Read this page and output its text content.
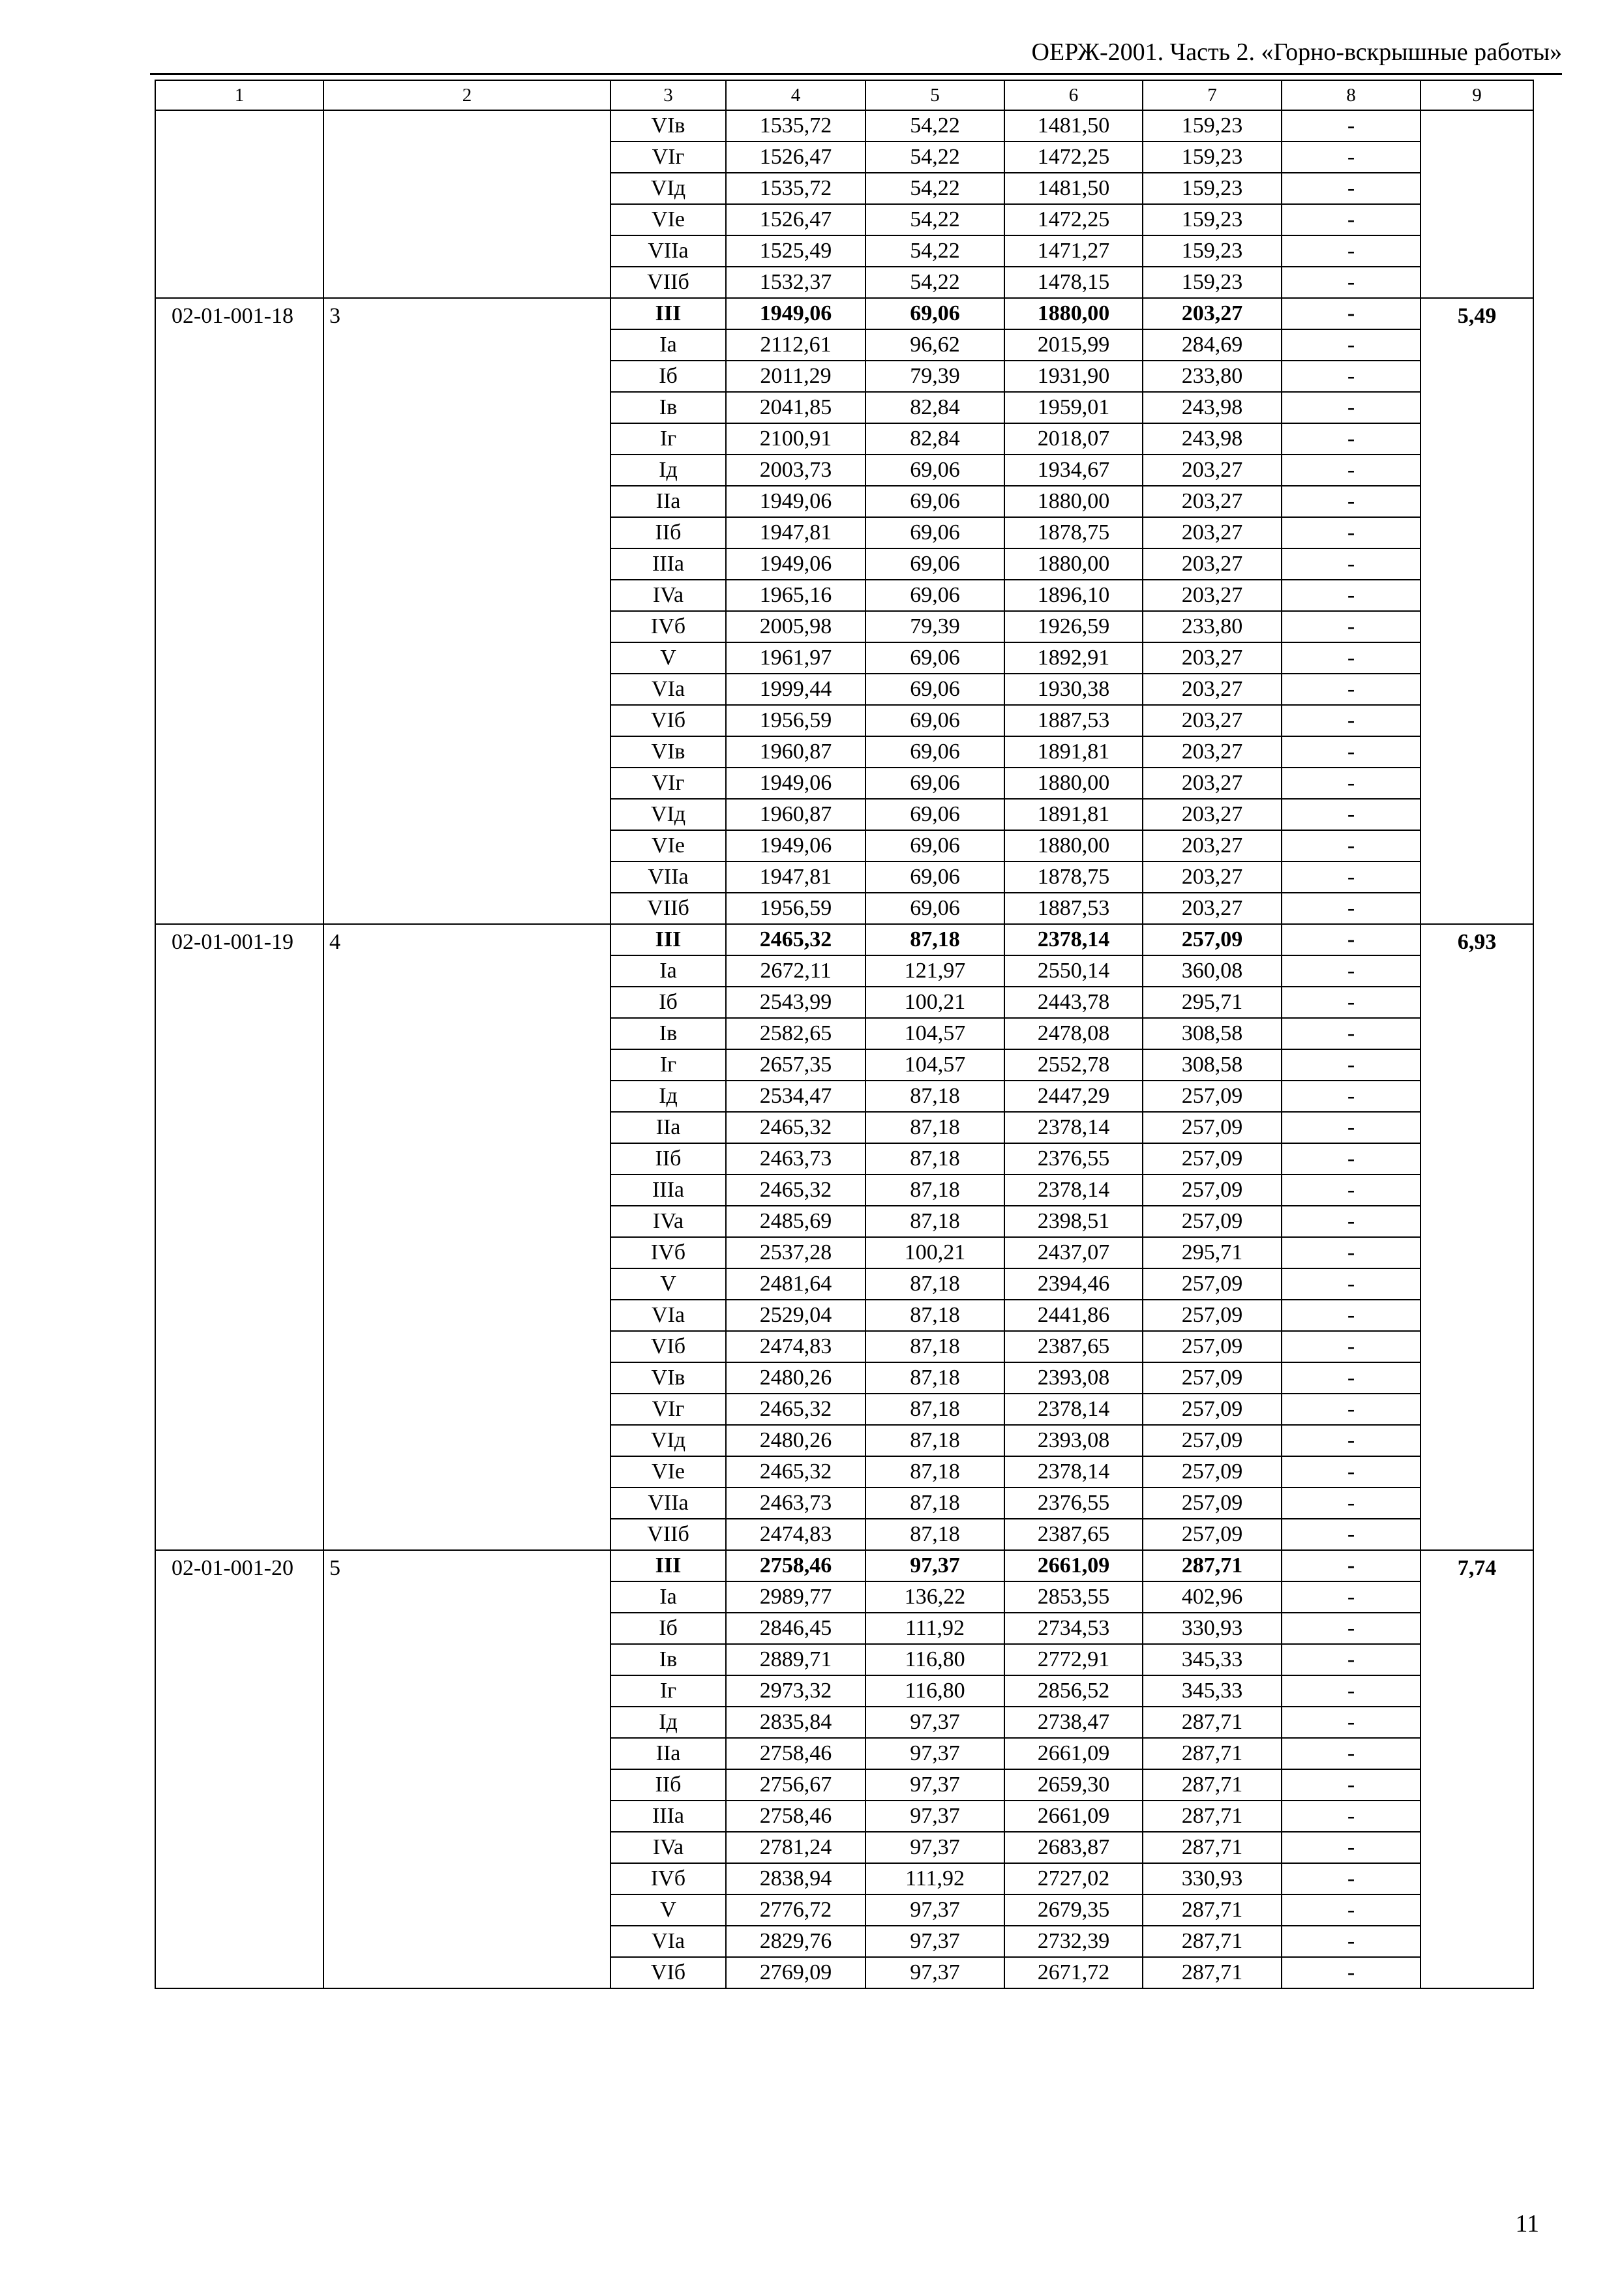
ОЕРЖ-2001. Часть 2. «Горно-вскрышные работы»
1	2	3	4	5	6	7	8	9
		VIв	1535,72	54,22	1481,50	159,23	-	
		VIг	1526,47	54,22	1472,25	159,23	-	
		VIд	1535,72	54,22	1481,50	159,23	-	
		VIe	1526,47	54,22	1472,25	159,23	-	
		VIIa	1525,49	54,22	1471,27	159,23	-	
		VIIб	1532,37	54,22	1478,15	159,23	-	
02-01-001-18	3	III	1949,06	69,06	1880,00	203,27	-	5,49
		Ia	2112,61	96,62	2015,99	284,69	-	
		Iб	2011,29	79,39	1931,90	233,80	-	
		Iв	2041,85	82,84	1959,01	243,98	-	
		Iг	2100,91	82,84	2018,07	243,98	-	
		Iд	2003,73	69,06	1934,67	203,27	-	
		IIa	1949,06	69,06	1880,00	203,27	-	
		IIб	1947,81	69,06	1878,75	203,27	-	
		IIIa	1949,06	69,06	1880,00	203,27	-	
		IVa	1965,16	69,06	1896,10	203,27	-	
		IVб	2005,98	79,39	1926,59	233,80	-	
		V	1961,97	69,06	1892,91	203,27	-	
		VIa	1999,44	69,06	1930,38	203,27	-	
		VIб	1956,59	69,06	1887,53	203,27	-	
		VIв	1960,87	69,06	1891,81	203,27	-	
		VIг	1949,06	69,06	1880,00	203,27	-	
		VIд	1960,87	69,06	1891,81	203,27	-	
		VIe	1949,06	69,06	1880,00	203,27	-	
		VIIa	1947,81	69,06	1878,75	203,27	-	
		VIIб	1956,59	69,06	1887,53	203,27	-	
02-01-001-19	4	III	2465,32	87,18	2378,14	257,09	-	6,93
		Ia	2672,11	121,97	2550,14	360,08	-	
		Iб	2543,99	100,21	2443,78	295,71	-	
		Iв	2582,65	104,57	2478,08	308,58	-	
		Iг	2657,35	104,57	2552,78	308,58	-	
		Iд	2534,47	87,18	2447,29	257,09	-	
		IIa	2465,32	87,18	2378,14	257,09	-	
		IIб	2463,73	87,18	2376,55	257,09	-	
		IIIa	2465,32	87,18	2378,14	257,09	-	
		IVa	2485,69	87,18	2398,51	257,09	-	
		IVб	2537,28	100,21	2437,07	295,71	-	
		V	2481,64	87,18	2394,46	257,09	-	
		VIa	2529,04	87,18	2441,86	257,09	-	
		VIб	2474,83	87,18	2387,65	257,09	-	
		VIв	2480,26	87,18	2393,08	257,09	-	
		VIг	2465,32	87,18	2378,14	257,09	-	
		VIд	2480,26	87,18	2393,08	257,09	-	
		VIe	2465,32	87,18	2378,14	257,09	-	
		VIIa	2463,73	87,18	2376,55	257,09	-	
		VIIб	2474,83	87,18	2387,65	257,09	-	
02-01-001-20	5	III	2758,46	97,37	2661,09	287,71	-	7,74
		Ia	2989,77	136,22	2853,55	402,96	-	
		Iб	2846,45	111,92	2734,53	330,93	-	
		Iв	2889,71	116,80	2772,91	345,33	-	
		Iг	2973,32	116,80	2856,52	345,33	-	
		Iд	2835,84	97,37	2738,47	287,71	-	
		IIa	2758,46	97,37	2661,09	287,71	-	
		IIб	2756,67	97,37	2659,30	287,71	-	
		IIIa	2758,46	97,37	2661,09	287,71	-	
		IVa	2781,24	97,37	2683,87	287,71	-	
		IVб	2838,94	111,92	2727,02	330,93	-	
		V	2776,72	97,37	2679,35	287,71	-	
		VIa	2829,76	97,37	2732,39	287,71	-	
		VIб	2769,09	97,37	2671,72	287,71	-	
11
